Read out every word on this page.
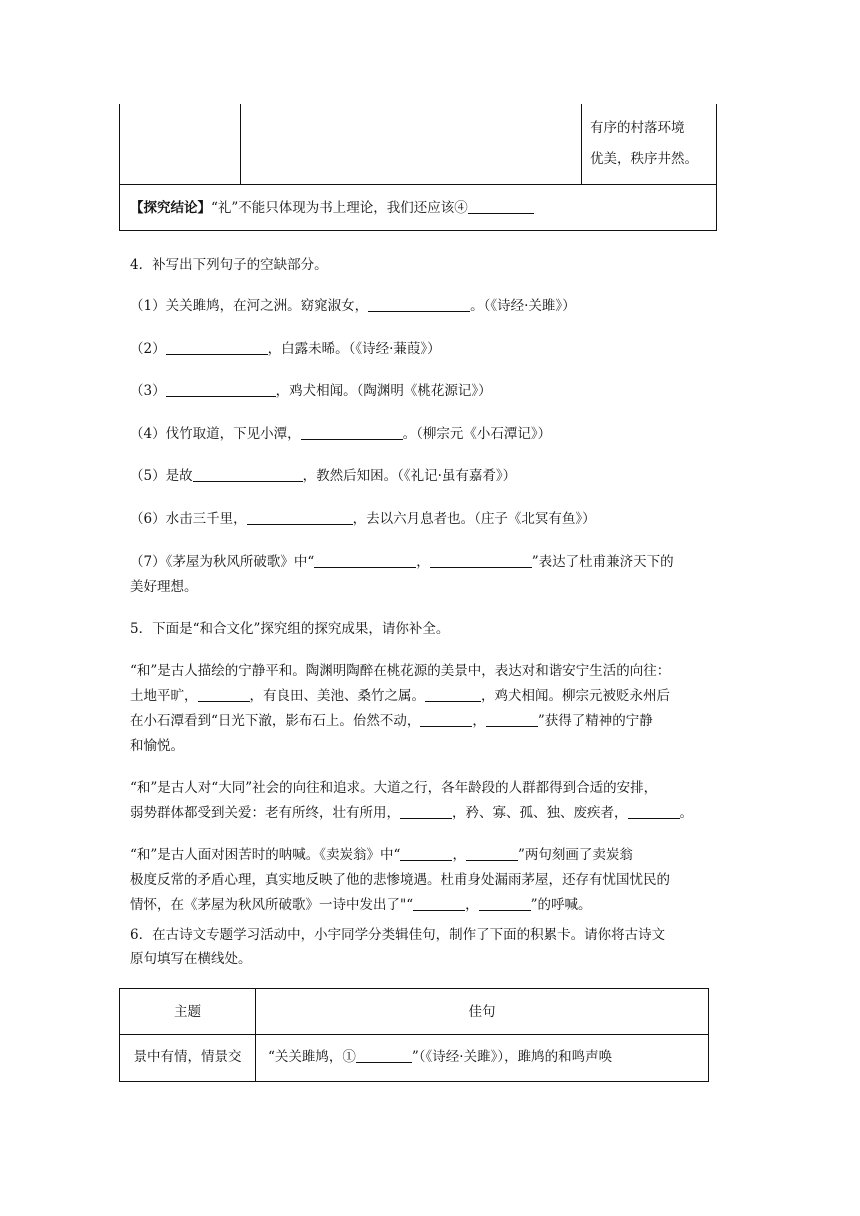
有序的村落环境
优美，秩序井然。
【探究结论】“礼”不能只体现为书上理论，我们还应该④
4．补写出下列句子的空缺部分。
（1）关关雎鸠，在河之洲。窈窕淑女，	。（《诗经·关雎》）
（2）	，白露未晞。（《诗经·蒹葭》）
（3）	，鸡犬相闻。（陶渊明《桃花源记》）
（4）伐竹取道，下见小潭，	。（柳宗元《小石潭记》）
（5）是故	，教然后知困。（《礼记·虽有嘉肴》）
（6）水击三千里，	，去以六月息者也。（庄子《北冥有鱼》）
（7）《茅屋为秋风所破歌》中“	，	”表达了杜甫兼济天下的
美好理想。
5．下面是“和合文化”探究组的探究成果，请你补全。
“和”是古人描绘的宁静平和。陶渊明陶醉在桃花源的美景中，表达对和谐安宁生活的向往：
土地平旷，	，有良田、美池、桑竹之属。	，鸡犬相闻。柳宗元被贬永州后
在小石潭看到“日光下澈，影布石上。佁然不动，	，	”获得了精神的宁静
和愉悦。
“和”是古人对“大同”社会的向往和追求。大道之行，各年龄段的人群都得到合适的安排，
弱势群体都受到关爱：老有所终，壮有所用，	，矜、寡、孤、独、废疾者，	。
“和”是古人面对困苦时的呐喊。《卖炭翁》中“	，	”两句刻画了卖炭翁
极度反常的矛盾心理，真实地反映了他的悲惨境遇。杜甫身处漏雨茅屋，还存有忧国忧民的
情怀，在《茅屋为秋风所破歌》一诗中发出了"“	，	”的呼喊。
6．在古诗文专题学习活动中，小宇同学分类辑佳句，制作了下面的积累卡。请你将古诗文
原句填写在横线处。
主题	佳句
景中有情，情景交	“关关雎鸠，①	”（《诗经·关雎》），雎鸠的和鸣声唤
